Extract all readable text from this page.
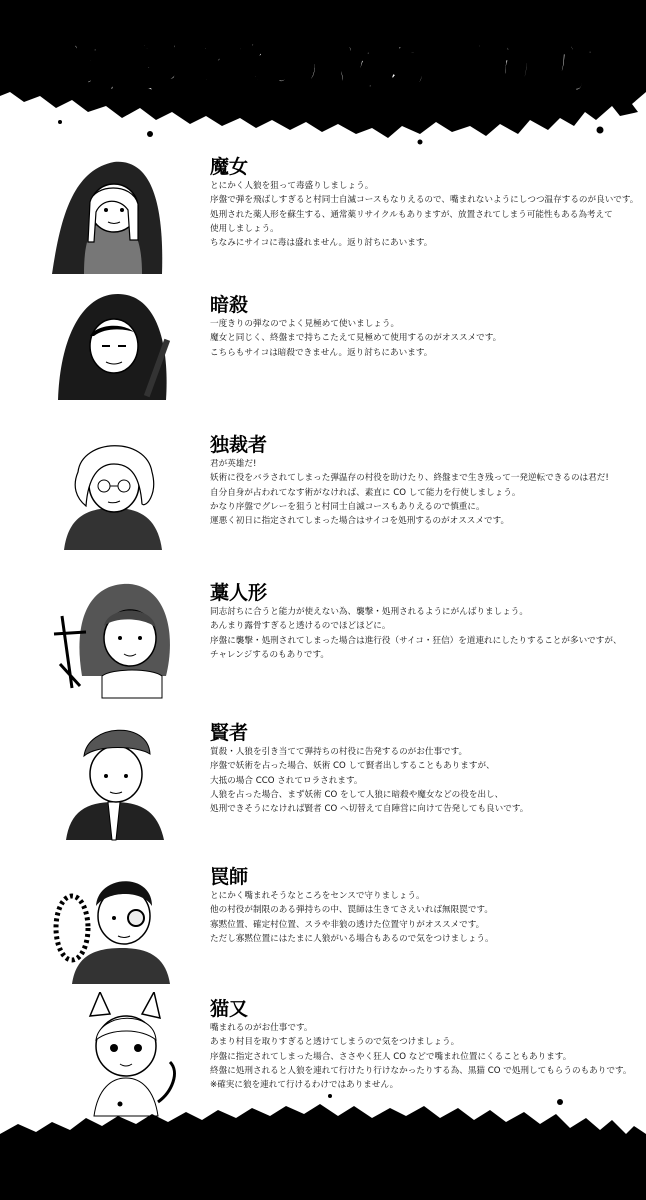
市民陣営の立ち回り方
魔女
とにかく人狼を狙って毒盛りしましょう。
序盤で弾を飛ばしすぎると村同士自滅コースもなりえるので、嘴まれないようにしつつ温存するのが良いです。
処刑された薬人形を蘇生する、通常薬リサイクルもありますが、放置されてしまう可能性もある為考えて
使用しましょう。
ちなみにサイコに毒は盛れません。返り討ちにあいます。
暗殺
一度きりの弾なのでよく見極めて使いましょう。
魔女と同じく、終盤まで持ちこたえて見極めて使用するのがオススメです。
こちらもサイコは暗殺できません。返り討ちにあいます。
独裁者
君が英雄だ!
妖術に役をバラされてしまった弾温存の村役を助けたり、終盤まで生き残って一発逆転できるのは君だ!
自分自身が占われてなす術がなければ、素直に CO して能力を行使しましょう。
かなり序盤でグレーを狙うと村同士自滅コースもありえるので慎重に。
運悪く初日に指定されてしまった場合はサイコを処刑するのがオススメです。
藁人形
同志討ちに合うと能力が使えない為、襲撃・処刑されるようにがんばりましょう。
あんまり露骨すぎると透けるのでほどほどに。
序盤に襲撃・処刑されてしまった場合は進行役（サイコ・狂信）を道連れにしたりすることが多いですが、
チャレンジするのもありです。
賢者
質殺・人狼を引き当てて弾持ちの村役に告発するのがお仕事です。
序盤で妖術を占った場合、妖術 CO して賢者出しすることもありますが、
大抵の場合 CCO されてロラされます。
人狼を占った場合、まず妖術 CO をして人狼に暗殺や魔女などの役を出し、
処刑できそうになければ賢者 CO へ切替えて自陣営に向けて告発しても良いです。
罠師
とにかく嘴まれそうなところをセンスで守りましょう。
他の村役が制限のある弾持ちの中、罠師は生きてさえいれば無限罠です。
寡黙位置、確定村位置、スラや非狼の透けた位置守りがオススメです。
ただし寡黙位置にはたまに人狼がいる場合もあるので気をつけましょう。
猫又
嘴まれるのがお仕事です。
あまり村目を取りすぎると透けてしまうので気をつけましょう。
序盤に指定されてしまった場合、ささやく狂人 CO などで嘴まれ位置にくることもあります。
終盤に処刑されると人狼を連れて行けたり行けなかったりする為、黒猫 CO で処刑してもらうのもありです。
※確実に狼を連れて行けるわけではありません。
